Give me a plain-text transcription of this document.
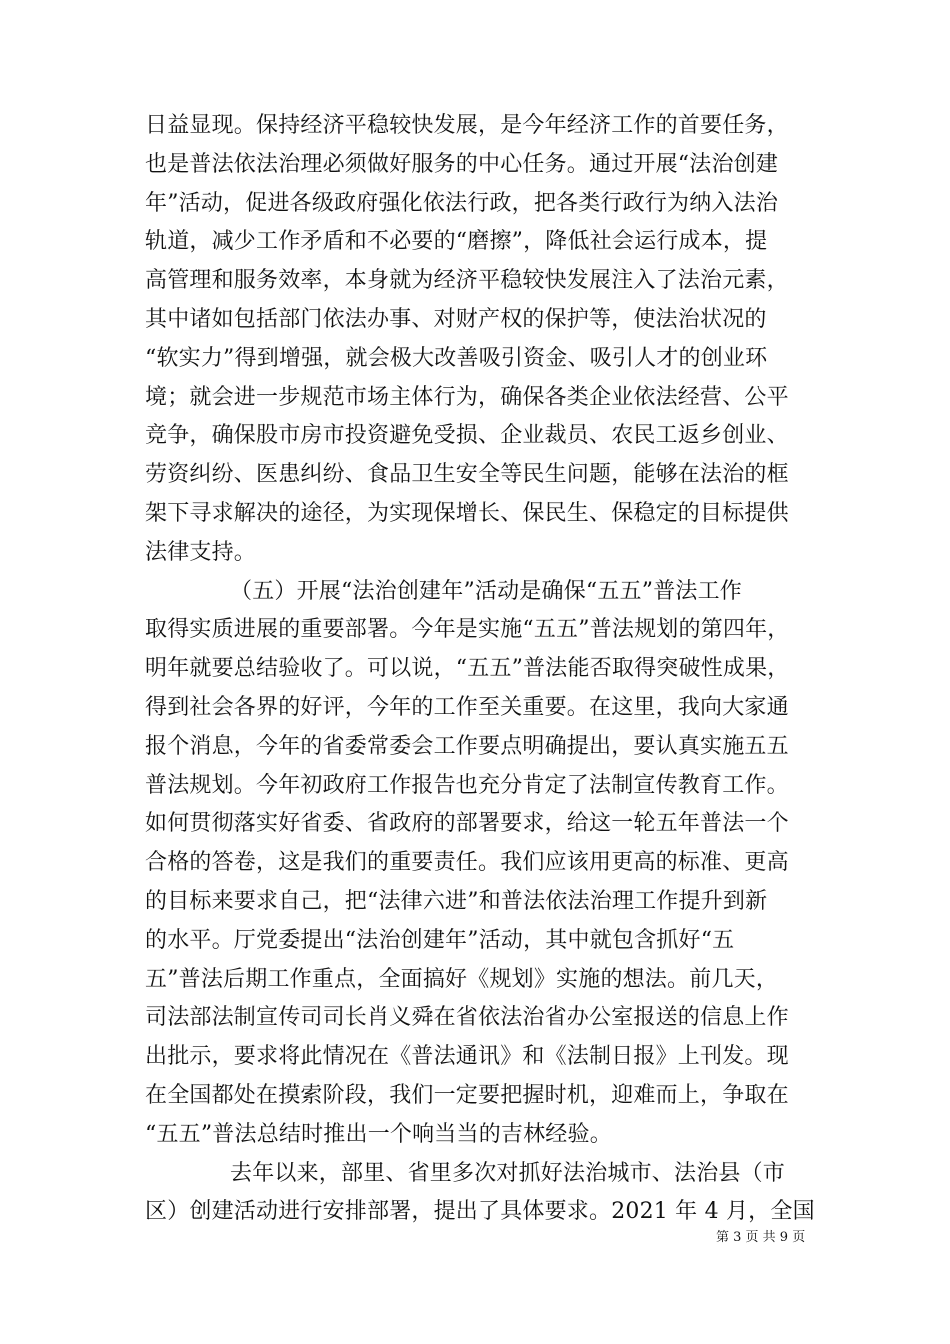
日益显现。保持经济平稳较快发展，是今年经济工作的首要任务，
也是普法依法治理必须做好服务的中心任务。通过开展“法治创建
年”活动，促进各级政府强化依法行政，把各类行政行为纳入法治
轨道，减少工作矛盾和不必要的“磨擦”，降低社会运行成本，提
高管理和服务效率，本身就为经济平稳较快发展注入了法治元素，
其中诸如包括部门依法办事、对财产权的保护等，使法治状况的
“软实力”得到增强，就会极大改善吸引资金、吸引人才的创业环
境；就会进一步规范市场主体行为，确保各类企业依法经营、公平
竞争，确保股市房市投资避免受损、企业裁员、农民工返乡创业、
劳资纠纷、医患纠纷、食品卫生安全等民生问题，能够在法治的框
架下寻求解决的途径，为实现保增长、保民生、保稳定的目标提供
法律支持。
（五）开展“法治创建年”活动是确保“五五”普法工作
取得实质进展的重要部署。今年是实施“五五”普法规划的第四年，
明年就要总结验收了。可以说，“五五”普法能否取得突破性成果，
得到社会各界的好评，今年的工作至关重要。在这里，我向大家通
报个消息，今年的省委常委会工作要点明确提出，要认真实施五五
普法规划。今年初政府工作报告也充分肯定了法制宣传教育工作。
如何贯彻落实好省委、省政府的部署要求，给这一轮五年普法一个
合格的答卷，这是我们的重要责任。我们应该用更高的标准、更高
的目标来要求自己，把“法律六进”和普法依法治理工作提升到新
的水平。厅党委提出“法治创建年”活动，其中就包含抓好“五
五”普法后期工作重点，全面搞好《规划》实施的想法。前几天，
司法部法制宣传司司长肖义舜在省依法治省办公室报送的信息上作
出批示，要求将此情况在《普法通讯》和《法制日报》上刊发。现
在全国都处在摸索阶段，我们一定要把握时机，迎难而上，争取在
“五五”普法总结时推出一个响当当的吉林经验。
去年以来，部里、省里多次对抓好法治城市、法治县（市
区）创建活动进行安排部署，提出了具体要求。2021 年 4 月，全国
第 3 页 共 9 页
